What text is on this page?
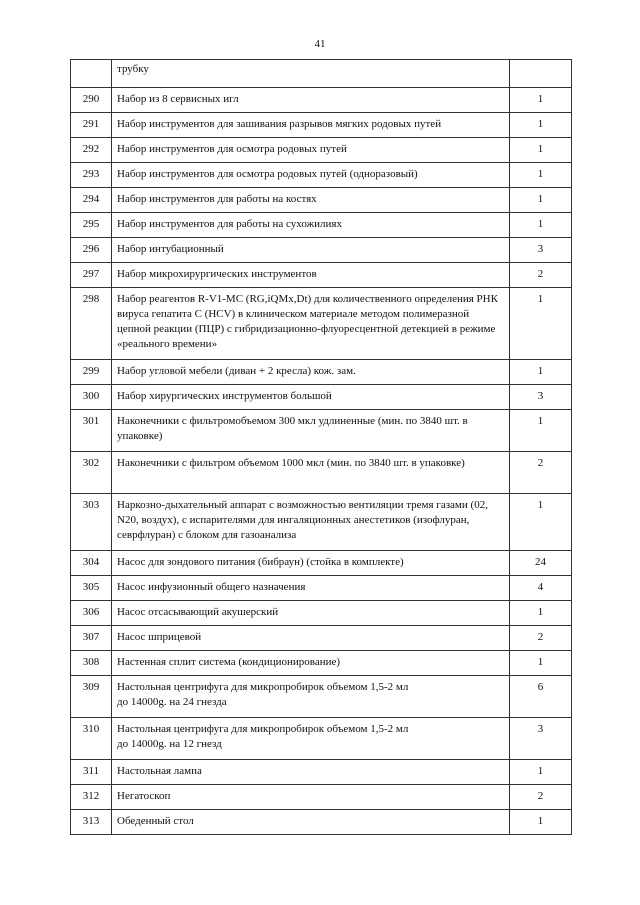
41
	трубку	
290	Набор из 8 сервисных игл	1
291	Набор инструментов для зашивания разрывов мягких родовых путей	1
292	Набор инструментов для осмотра родовых путей	1
293	Набор инструментов для осмотра родовых путей (одноразовый)	1
294	Набор инструментов для работы на костях	1
295	Набор инструментов для работы на сухожилиях	1
296	Набор интубационный	3
297	Набор микрохирургических инструментов	2
298	Набор реагентов R-V1-MC (RG,iQMx,Dt) для количественного определения РНК вируса гепатита С (HCV) в клиническом материале методом полимеразной цепной реакции (ПЦР) с гибридизационно-флуоресцентной детекцией в режиме «реального времени»	1
299	Набор угловой мебели (диван + 2 кресла) кож. зам.	1
300	Набор хирургических инструментов большой	3
301	Наконечники с фильтромобъемом 300 мкл удлиненные (мин. по 3840 шт. в упаковке)	1
302	Наконечники с фильтром объемом 1000 мкл (мин. по 3840 шт. в упаковке)	2
303	Наркозно-дыхательный аппарат с возможностью вентиляции тремя газами (02, N20, воздух), с испарителями для ингаляционных анестетиков (изофлуран, севрфлуран) с блоком для газоанализа	1
304	Насос для зондового питания (бибраун) (стойка в комплекте)	24
305	Насос инфузионный общего назначения	4
306	Насос отсасывающий акушерский	1
307	Насос шприцевой	2
308	Настенная сплит система (кондиционирование)	1
309	Настольная центрифуга для микропробирок объемом 1,5-2 мл
до 14000g. на 24 гнезда	6
310	Настольная центрифуга для микропробирок объемом 1,5-2 мл
до 14000g. на 12 гнезд	3
311	Настольная лампа	1
312	Негатоскоп	2
313	Обеденный стол	1
